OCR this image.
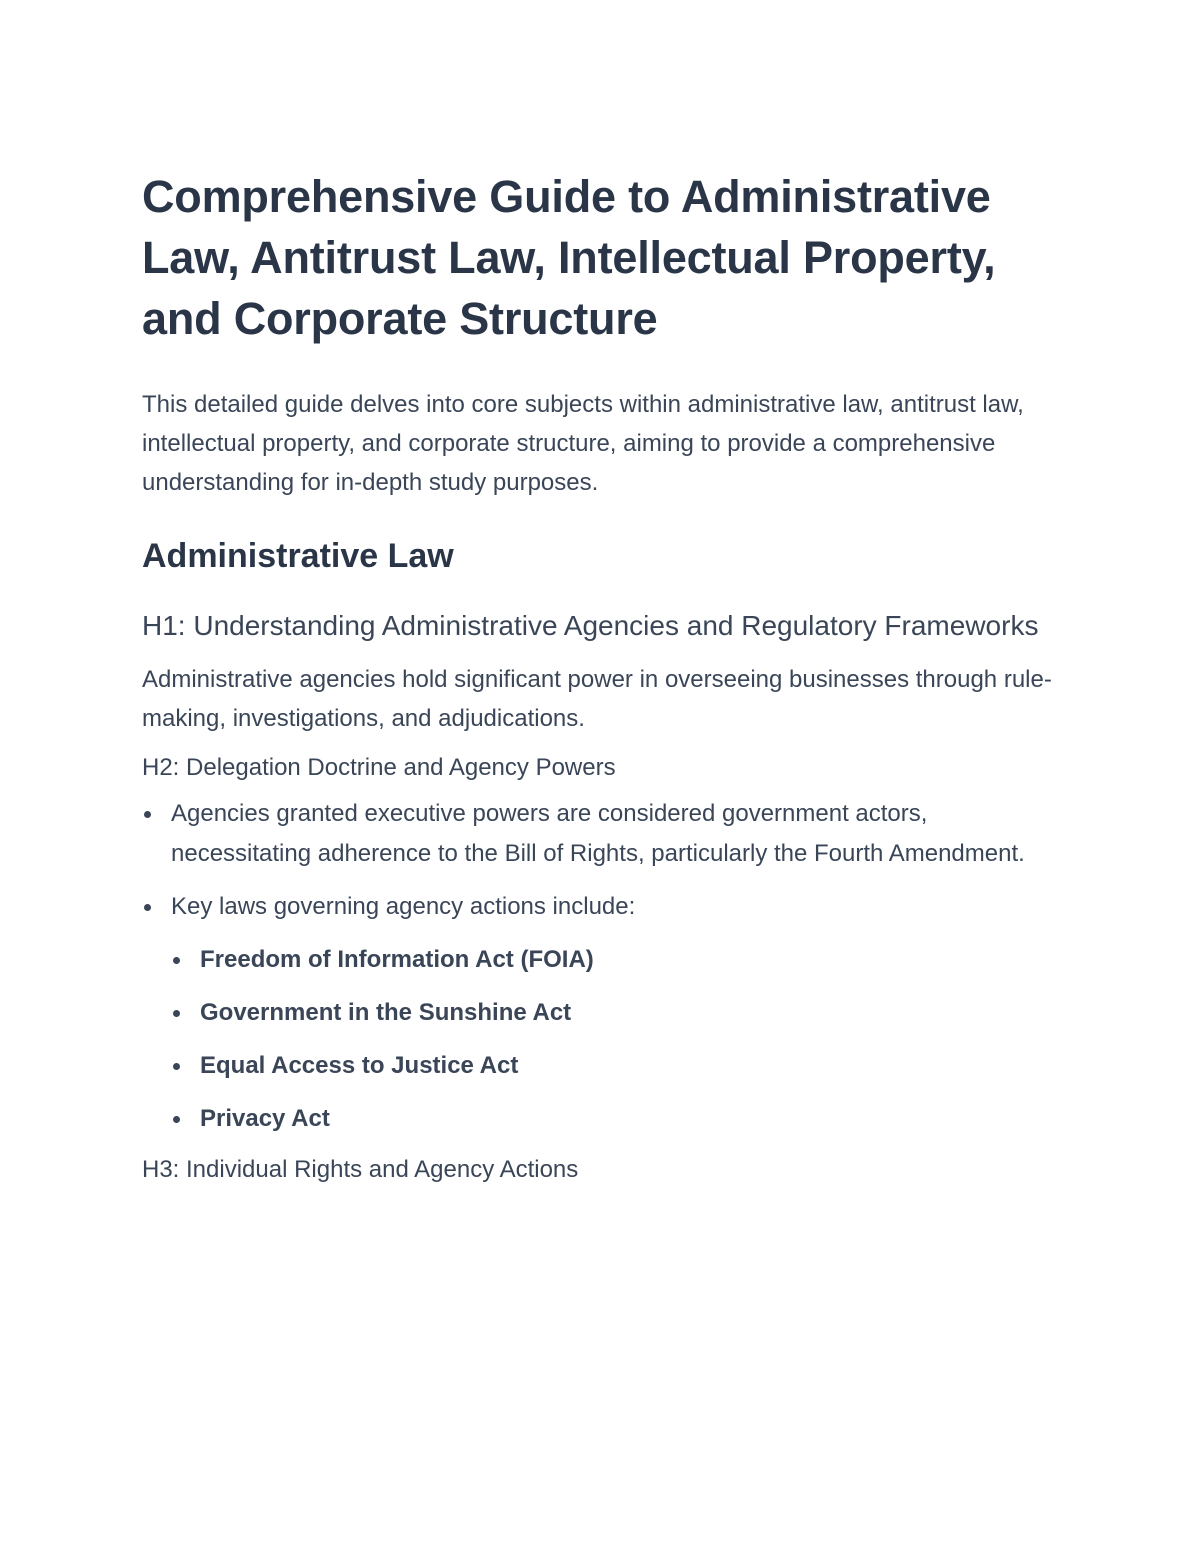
Comprehensive Guide to Administrative Law, Antitrust Law, Intellectual Property, and Corporate Structure

This detailed guide delves into core subjects within administrative law, antitrust law, intellectual property, and corporate structure, aiming to provide a comprehensive understanding for in-depth study purposes.

Administrative Law
H1: Understanding Administrative Agencies and Regulatory Frameworks

Administrative agencies hold significant power in overseeing businesses through rule-making, investigations, and adjudications.

H2: Delegation Doctrine and Agency Powers
Agencies granted executive powers are considered government actors, necessitating adherence to the Bill of Rights, particularly the Fourth Amendment.
Key laws governing agency actions include:
Freedom of Information Act (FOIA)
Government in the Sunshine Act
Equal Access to Justice Act
Privacy Act
H3: Individual Rights and Agency Actions
